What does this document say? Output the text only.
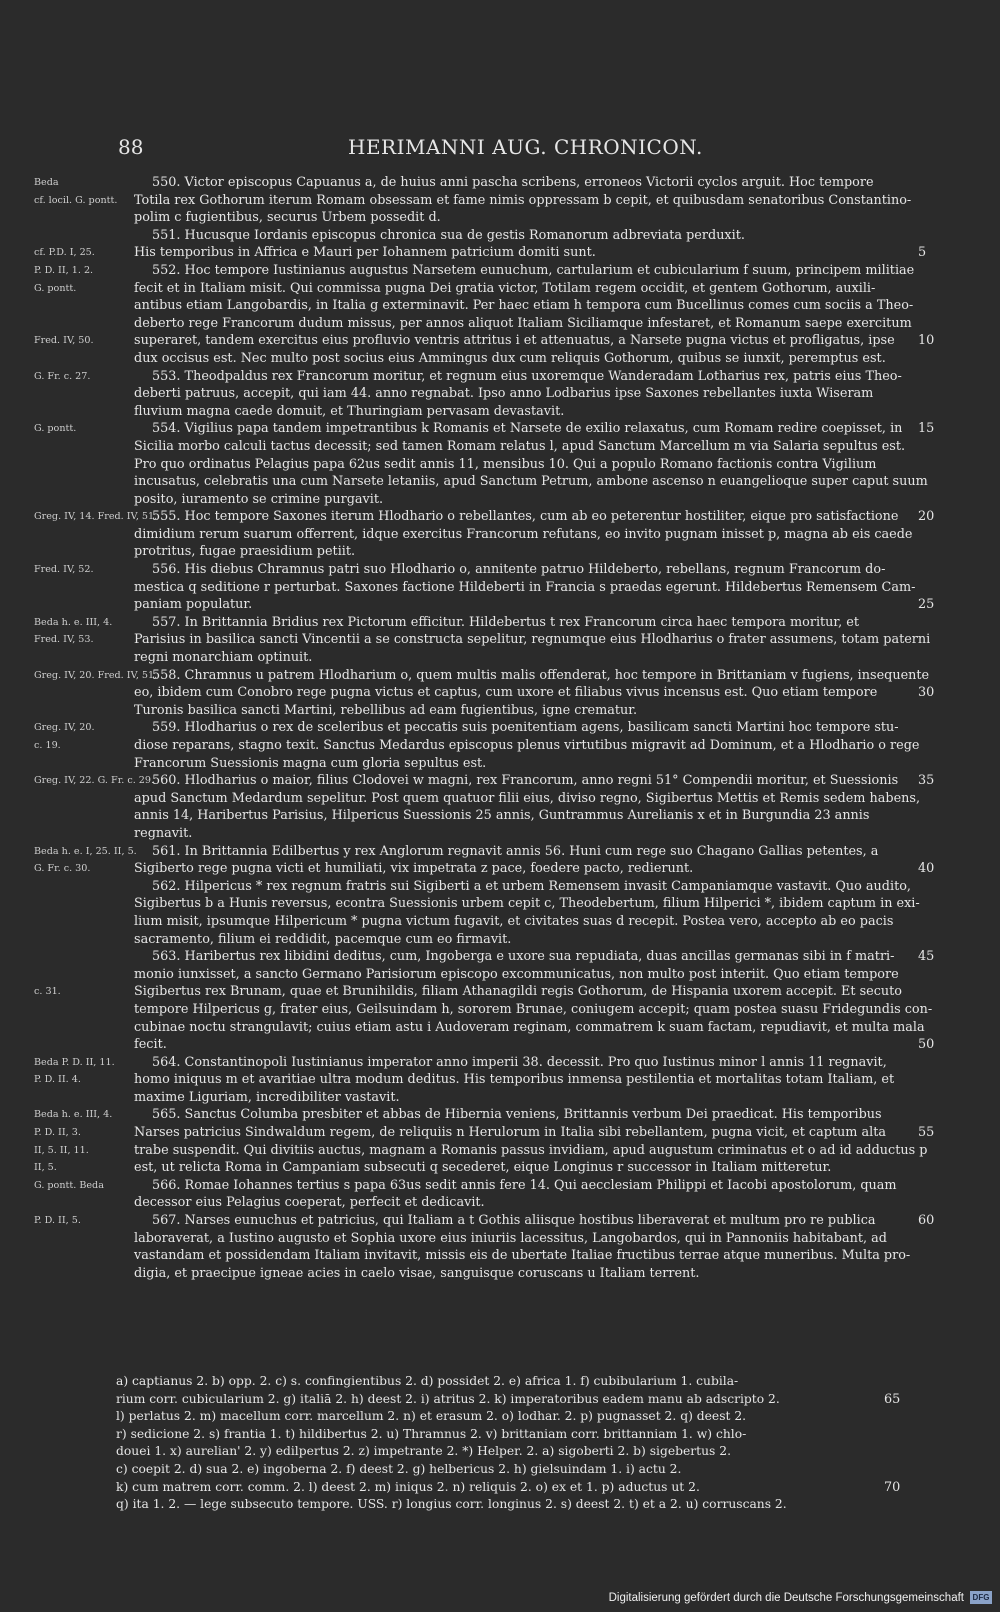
88	HERIMANNI AUG. CHRONICON.
Beda	550. Victor episcopus Capuanus a, de huius anni pascha scribens, erroneos Victorii cyclos arguit. Hoc tempore
cf. locil. G. pontt.	Totila rex Gothorum iterum Romam obsessam et fame nimis oppressam b cepit, et quibusdam senatoribus Constantino-
polim c fugientibus, securus Urbem possedit d.
551. Hucusque Iordanis episcopus chronica sua de gestis Romanorum adbreviata perduxit.
cf. P.D. I, 25.	His temporibus in Affrica e Mauri per Iohannem patricium domiti sunt.	5
P. D. II, 1. 2.	552. Hoc tempore Iustinianus augustus Narsetem eunuchum, cartularium et cubicularium f suum, principem militiae
G. pontt.	fecit et in Italiam misit. Qui commissa pugna Dei gratia victor, Totilam regem occidit, et gentem Gothorum, auxili-
antibus etiam Langobardis, in Italia g exterminavit. Per haec etiam h tempora cum Bucellinus comes cum sociis a Theo-
deberto rege Francorum dudum missus, per annos aliquot Italiam Siciliamque infestaret, et Romanum saepe exercitum
Fred. IV, 50.	superaret, tandem exercitus eius profluvio ventris attritus i et attenuatus, a Narsete pugna victus et profligatus, ipse	10
dux occisus est. Nec multo post socius eius Ammingus dux cum reliquis Gothorum, quibus se iunxit, peremptus est.
G. Fr. c. 27.	553. Theodpaldus rex Francorum moritur, et regnum eius uxoremque Wanderadam Lotharius rex, patris eius Theo-
deberti patruus, accepit, qui iam 44. anno regnabat. Ipso anno Lodbarius ipse Saxones rebellantes iuxta Wiseram
fluvium magna caede domuit, et Thuringiam pervasam devastavit.
G. pontt.	554. Vigilius papa tandem impetrantibus k Romanis et Narsete de exilio relaxatus, cum Romam redire coepisset, in	15
Sicilia morbo calculi tactus decessit; sed tamen Romam relatus l, apud Sanctum Marcellum m via Salaria sepultus est.
Pro quo ordinatus Pelagius papa 62us sedit annis 11, mensibus 10. Qui a populo Romano factionis contra Vigilium
incusatus, celebratis una cum Narsete letaniis, apud Sanctum Petrum, ambone ascenso n euangelioque super caput suum
posito, iuramento se crimine purgavit.
Greg. IV, 14. Fred. IV, 51.
555. Hoc tempore Saxones iterum Hlodhario o rebellantes, cum ab eo peterentur hostiliter, eique pro satisfactione	20
dimidium rerum suarum offerrent, idque exercitus Francorum refutans, eo invito pugnam inisset p, magna ab eis caede
protritus, fugae praesidium petiit.
Fred. IV, 52.	556. His diebus Chramnus patri suo Hlodhario o, annitente patruo Hildeberto, rebellans, regnum Francorum do-
mestica q seditione r perturbat. Saxones factione Hildeberti in Francia s praedas egerunt. Hildebertus Remensem Cam-
paniam populatur.	25
Beda h. e. III, 4.	557. In Brittannia Bridius rex Pictorum efficitur. Hildebertus t rex Francorum circa haec tempora moritur, et
Fred. IV, 53.	Parisius in basilica sancti Vincentii a se constructa sepelitur, regnumque eius Hlodharius o frater assumens, totam paterni
regni monarchiam optinuit.
Greg. IV, 20. Fred. IV, 51.
558. Chramnus u patrem Hlodharium o, quem multis malis offenderat, hoc tempore in Brittaniam v fugiens, insequente
eo, ibidem cum Conobro rege pugna victus et captus, cum uxore et filiabus vivus incensus est. Quo etiam tempore	30
Turonis basilica sancti Martini, rebellibus ad eam fugientibus, igne crematur.
Greg. IV, 20.	559. Hlodharius o rex de sceleribus et peccatis suis poenitentiam agens, basilicam sancti Martini hoc tempore stu-
c. 19.	diose reparans, stagno texit. Sanctus Medardus episcopus plenus virtutibus migravit ad Dominum, et a Hlodhario o rege
Francorum Suessionis magna cum gloria sepultus est.
Greg. IV, 22. G. Fr. c. 29.
560. Hlodharius o maior, filius Clodovei w magni, rex Francorum, anno regni 51° Compendii moritur, et Suessionis	35
apud Sanctum Medardum sepelitur. Post quem quatuor filii eius, diviso regno, Sigibertus Mettis et Remis sedem habens,
annis 14, Haribertus Parisius, Hilpericus Suessionis 25 annis, Guntrammus Aurelianis x et in Burgundia 23 annis
regnavit.
Beda h. e. I, 25. II, 5. 561. In Brittannia Edilbertus y rex Anglorum regnavit annis 56. Huni cum rege suo Chagano Gallias petentes, a
G. Fr. c. 30.	Sigiberto rege pugna victi et humiliati, vix impetrata z pace, foedere pacto, redierunt.	40
562. Hilpericus * rex regnum fratris sui Sigiberti a et urbem Remensem invasit Campaniamque vastavit. Quo audito,
Sigibertus b a Hunis reversus, econtra Suessionis urbem cepit c, Theodebertum, filium Hilperici *, ibidem captum in exi-
lium misit, ipsumque Hilpericum * pugna victum fugavit, et civitates suas d recepit. Postea vero, accepto ab eo pacis
sacramento, filium ei reddidit, pacemque cum eo firmavit.
563. Haribertus rex libidini deditus, cum, Ingoberga e uxore sua repudiata, duas ancillas germanas sibi in f matri-	45
monio iunxisset, a sancto Germano Parisiorum episcopo excommunicatus, non multo post interiit. Quo etiam tempore
c. 31.	Sigibertus rex Brunam, quae et Brunihildis, filiam Athanagildi regis Gothorum, de Hispania uxorem accepit. Et secuto
tempore Hilpericus g, frater eius, Geilsuindam h, sororem Brunae, coniugem accepit; quam postea suasu Fridegundis con-
cubinae noctu strangulavit; cuius etiam astu i Audoveram reginam, commatrem k suam factam, repudiavit, et multa mala
fecit.	50
Beda P. D. II, 11.	564. Constantinopoli Iustinianus imperator anno imperii 38. decessit. Pro quo Iustinus minor l annis 11 regnavit,
P. D. II. 4.	homo iniquus m et avaritiae ultra modum deditus. His temporibus inmensa pestilentia et mortalitas totam Italiam, et
maxime Liguriam, incredibiliter vastavit.
Beda h. e. III, 4.	565. Sanctus Columba presbiter et abbas de Hibernia veniens, Brittannis verbum Dei praedicat. His temporibus
P. D. II, 3.	Narses patricius Sindwaldum regem, de reliquiis n Herulorum in Italia sibi rebellantem, pugna vicit, et captum alta	55
II, 5. II, 11.	trabe suspendit. Qui divitiis auctus, magnam a Romanis passus invidiam, apud augustum criminatus et o ad id adductus p
II, 5.	est, ut relicta Roma in Campaniam subsecuti q secederet, eique Longinus r successor in Italiam mitteretur.
G. pontt. Beda	566. Romae Iohannes tertius s papa 63us sedit annis fere 14. Qui aecclesiam Philippi et Iacobi apostolorum, quam
decessor eius Pelagius coeperat, perfecit et dedicavit.
P. D. II, 5.	567. Narses eunuchus et patricius, qui Italiam a t Gothis aliisque hostibus liberaverat et multum pro re publica	60
laboraverat, a Iustino augusto et Sophia uxore eius iniuriis lacessitus, Langobardos, qui in Pannoniis habitabant, ad
vastandam et possidendam Italiam invitavit, missis eis de ubertate Italiae fructibus terrae atque muneribus. Multa pro-
digia, et praecipue igneae acies in caelo visae, sanguisque coruscans u Italiam terrent.
a) captianus 2. b) opp. 2. c) s. confingientibus 2. d) possidet 2. e) africa 1. f) cubibularium 1. cubila-
rium corr. cubicularium 2. g) italiā 2. h) deest 2. i) atritus 2. k) imperatoribus eadem manu ab adscripto 2.	65
l) perlatus 2. m) macellum corr. marcellum 2. n) et erasum 2. o) lodhar. 2. p) pugnasset 2. q) deest 2.
r) sedicione 2. s) frantia 1. t) hildibertus 2. u) Thramnus 2. v) brittaniam corr. brittanniam 1. w) chlo-
douei 1. x) aurelian' 2. y) edilpertus 2. z) impetrante 2. *) Helper. 2. a) sigoberti 2. b) sigebertus 2.
c) coepit 2. d) sua 2. e) ingoberna 2. f) deest 2. g) helbericus 2. h) gielsuindam 1. i) actu 2.
k) cum matrem corr. comm. 2. l) deest 2. m) iniqus 2. n) reliquis 2. o) ex et 1. p) aductus ut 2.	70
q) ita 1. 2. — lege subsecuto tempore. USS. r) longius corr. longinus 2. s) deest 2. t) et a 2. u) corruscans 2.
Digitalisierung gefördert durch die Deutsche Forschungsgemeinschaft	DFG
